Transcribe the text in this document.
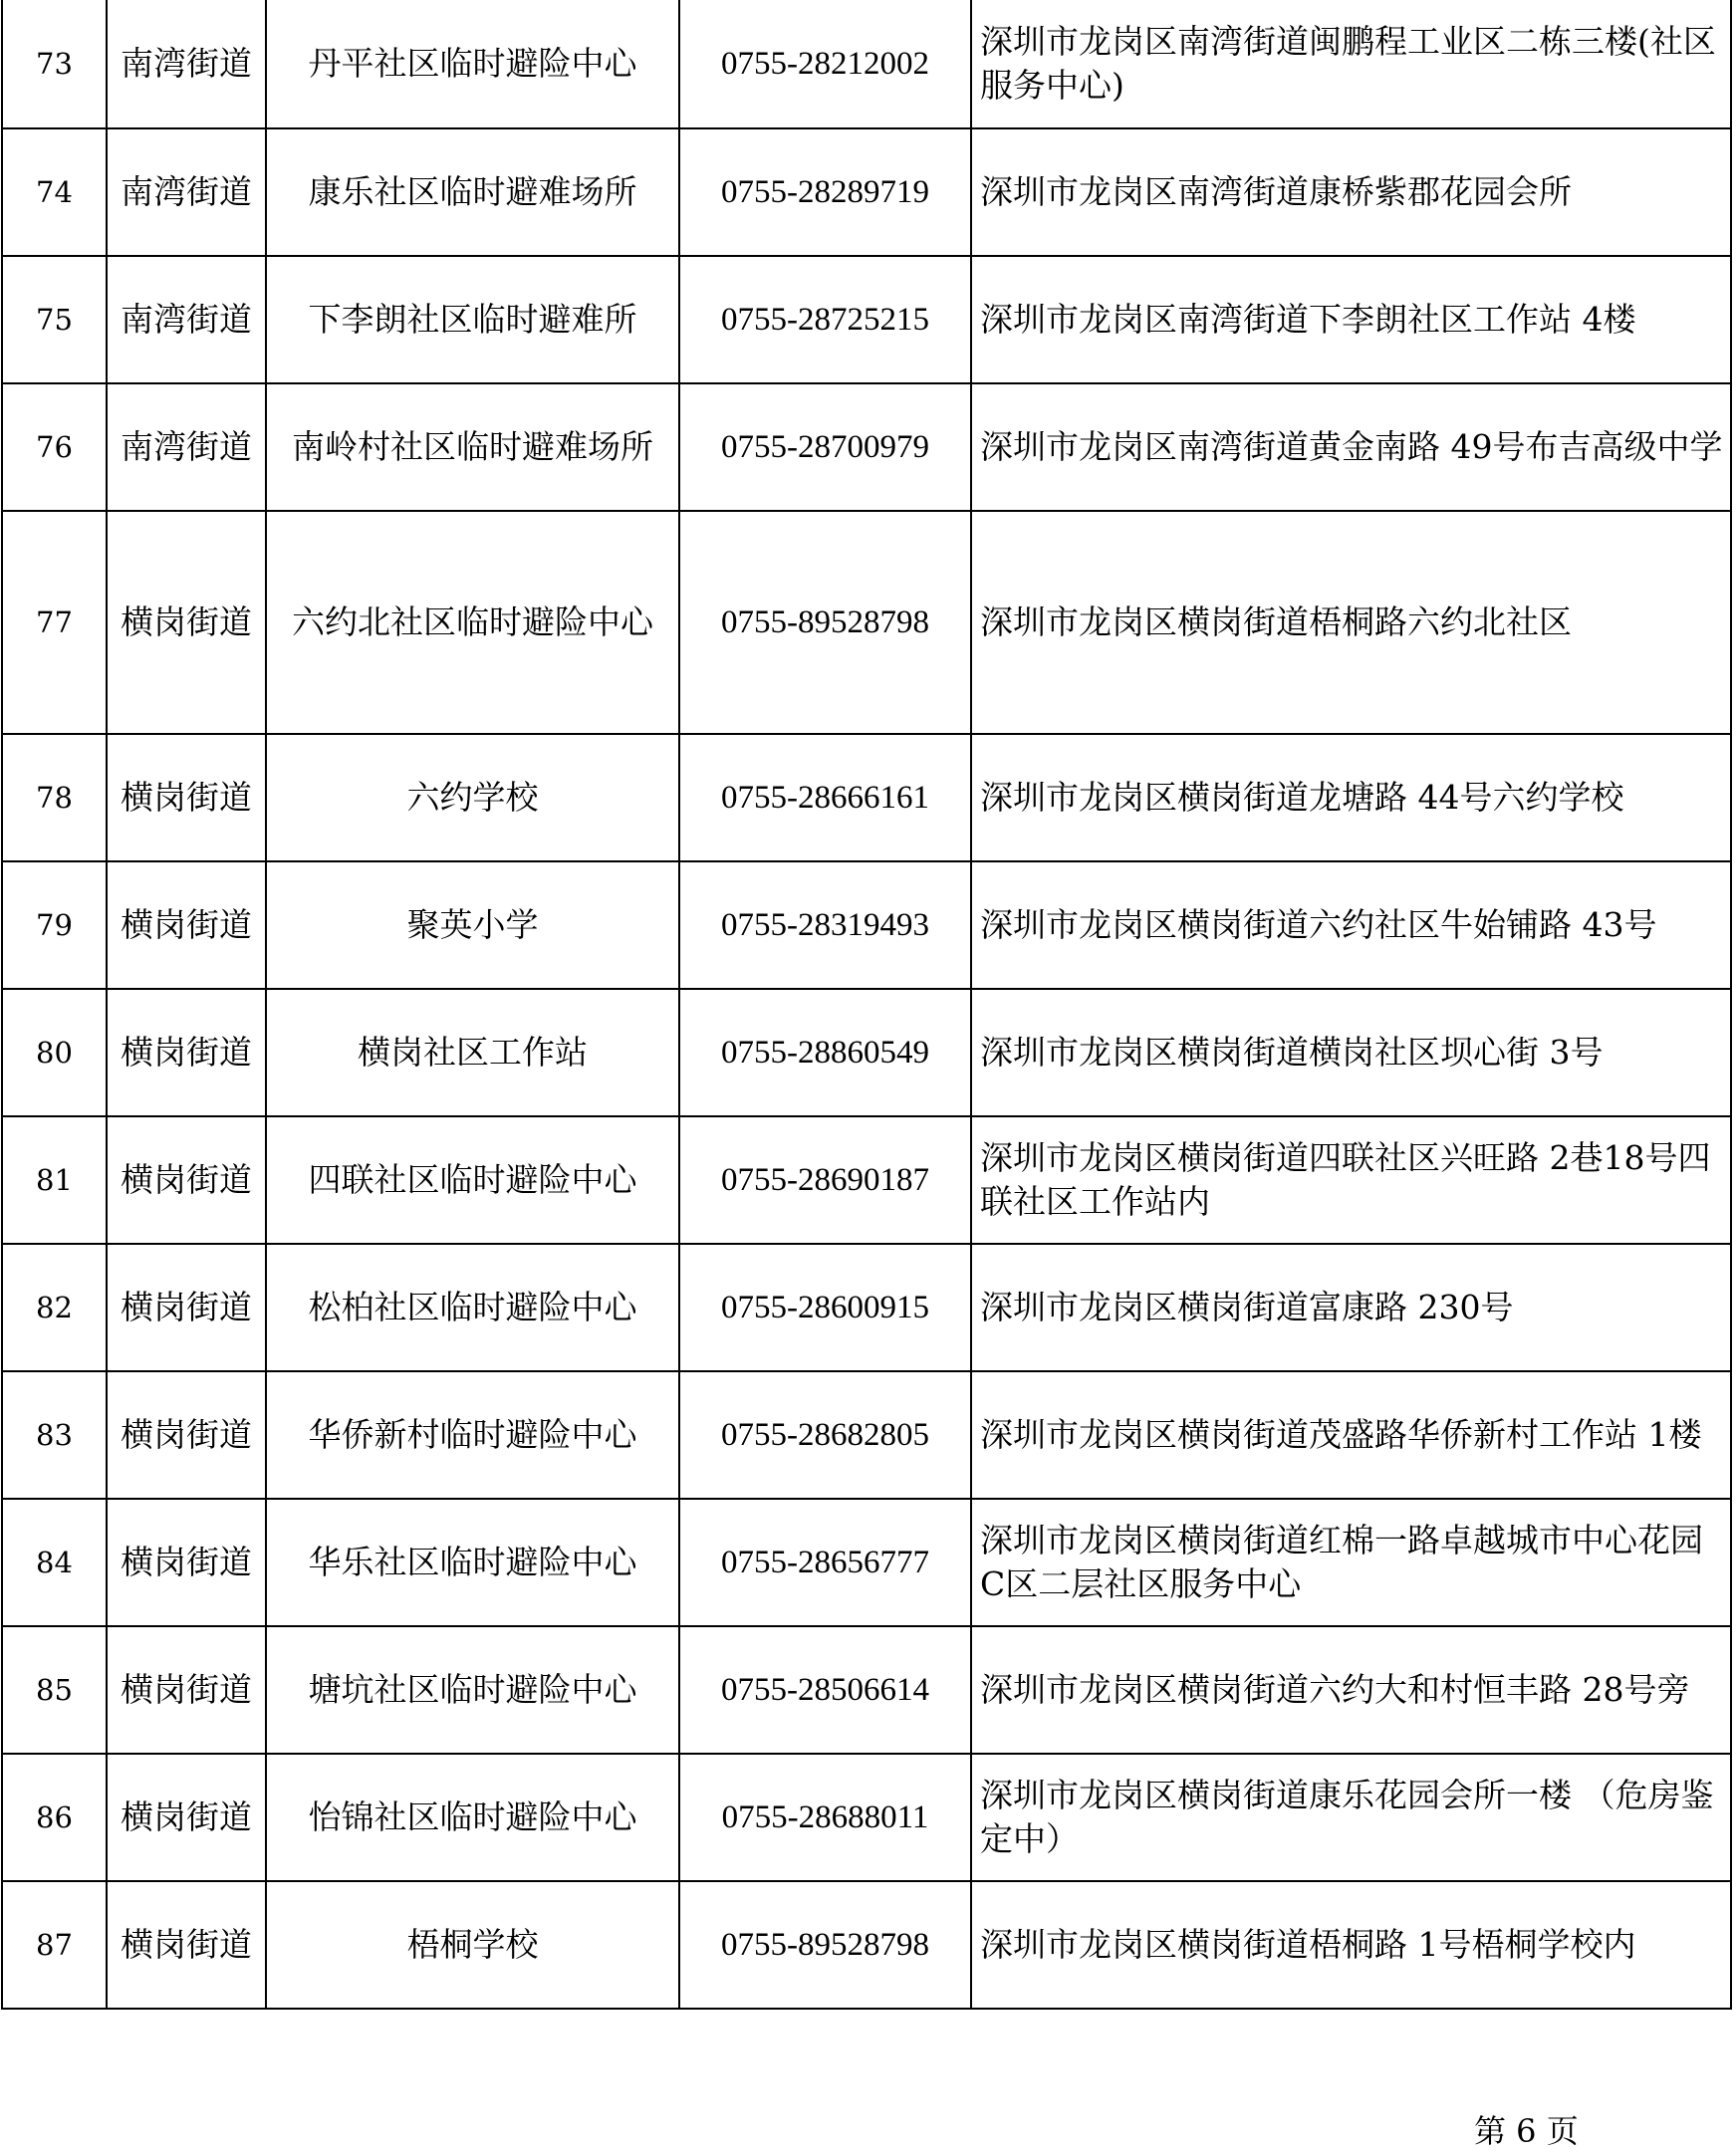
73	南湾街道	丹平社区临时避险中心	0755-28212002	深圳市龙岗区南湾街道闽鹏程工业区二栋三楼(社区服务中心)
74	南湾街道	康乐社区临时避难场所	0755-28289719	深圳市龙岗区南湾街道康桥紫郡花园会所
75	南湾街道	下李朗社区临时避难所	0755-28725215	深圳市龙岗区南湾街道下李朗社区工作站 4楼
76	南湾街道	南岭村社区临时避难场所	0755-28700979	深圳市龙岗区南湾街道黄金南路 49号布吉高级中学
77	横岗街道	六约北社区临时避险中心	0755-89528798	深圳市龙岗区横岗街道梧桐路六约北社区
78	横岗街道	六约学校	0755-28666161	深圳市龙岗区横岗街道龙塘路 44号六约学校
79	横岗街道	聚英小学	0755-28319493	深圳市龙岗区横岗街道六约社区牛始铺路 43号
80	横岗街道	横岗社区工作站	0755-28860549	深圳市龙岗区横岗街道横岗社区坝心街 3号
81	横岗街道	四联社区临时避险中心	0755-28690187	深圳市龙岗区横岗街道四联社区兴旺路 2巷18号四联社区工作站内
82	横岗街道	松柏社区临时避险中心	0755-28600915	深圳市龙岗区横岗街道富康路 230号
83	横岗街道	华侨新村临时避险中心	0755-28682805	深圳市龙岗区横岗街道茂盛路华侨新村工作站 1楼
84	横岗街道	华乐社区临时避险中心	0755-28656777	深圳市龙岗区横岗街道红棉一路卓越城市中心花园C区二层社区服务中心
85	横岗街道	塘坑社区临时避险中心	0755-28506614	深圳市龙岗区横岗街道六约大和村恒丰路 28号旁
86	横岗街道	怡锦社区临时避险中心	0755-28688011	深圳市龙岗区横岗街道康乐花园会所一楼 （危房鉴定中）
87	横岗街道	梧桐学校	0755-89528798	深圳市龙岗区横岗街道梧桐路 1号梧桐学校内
第 6 页
